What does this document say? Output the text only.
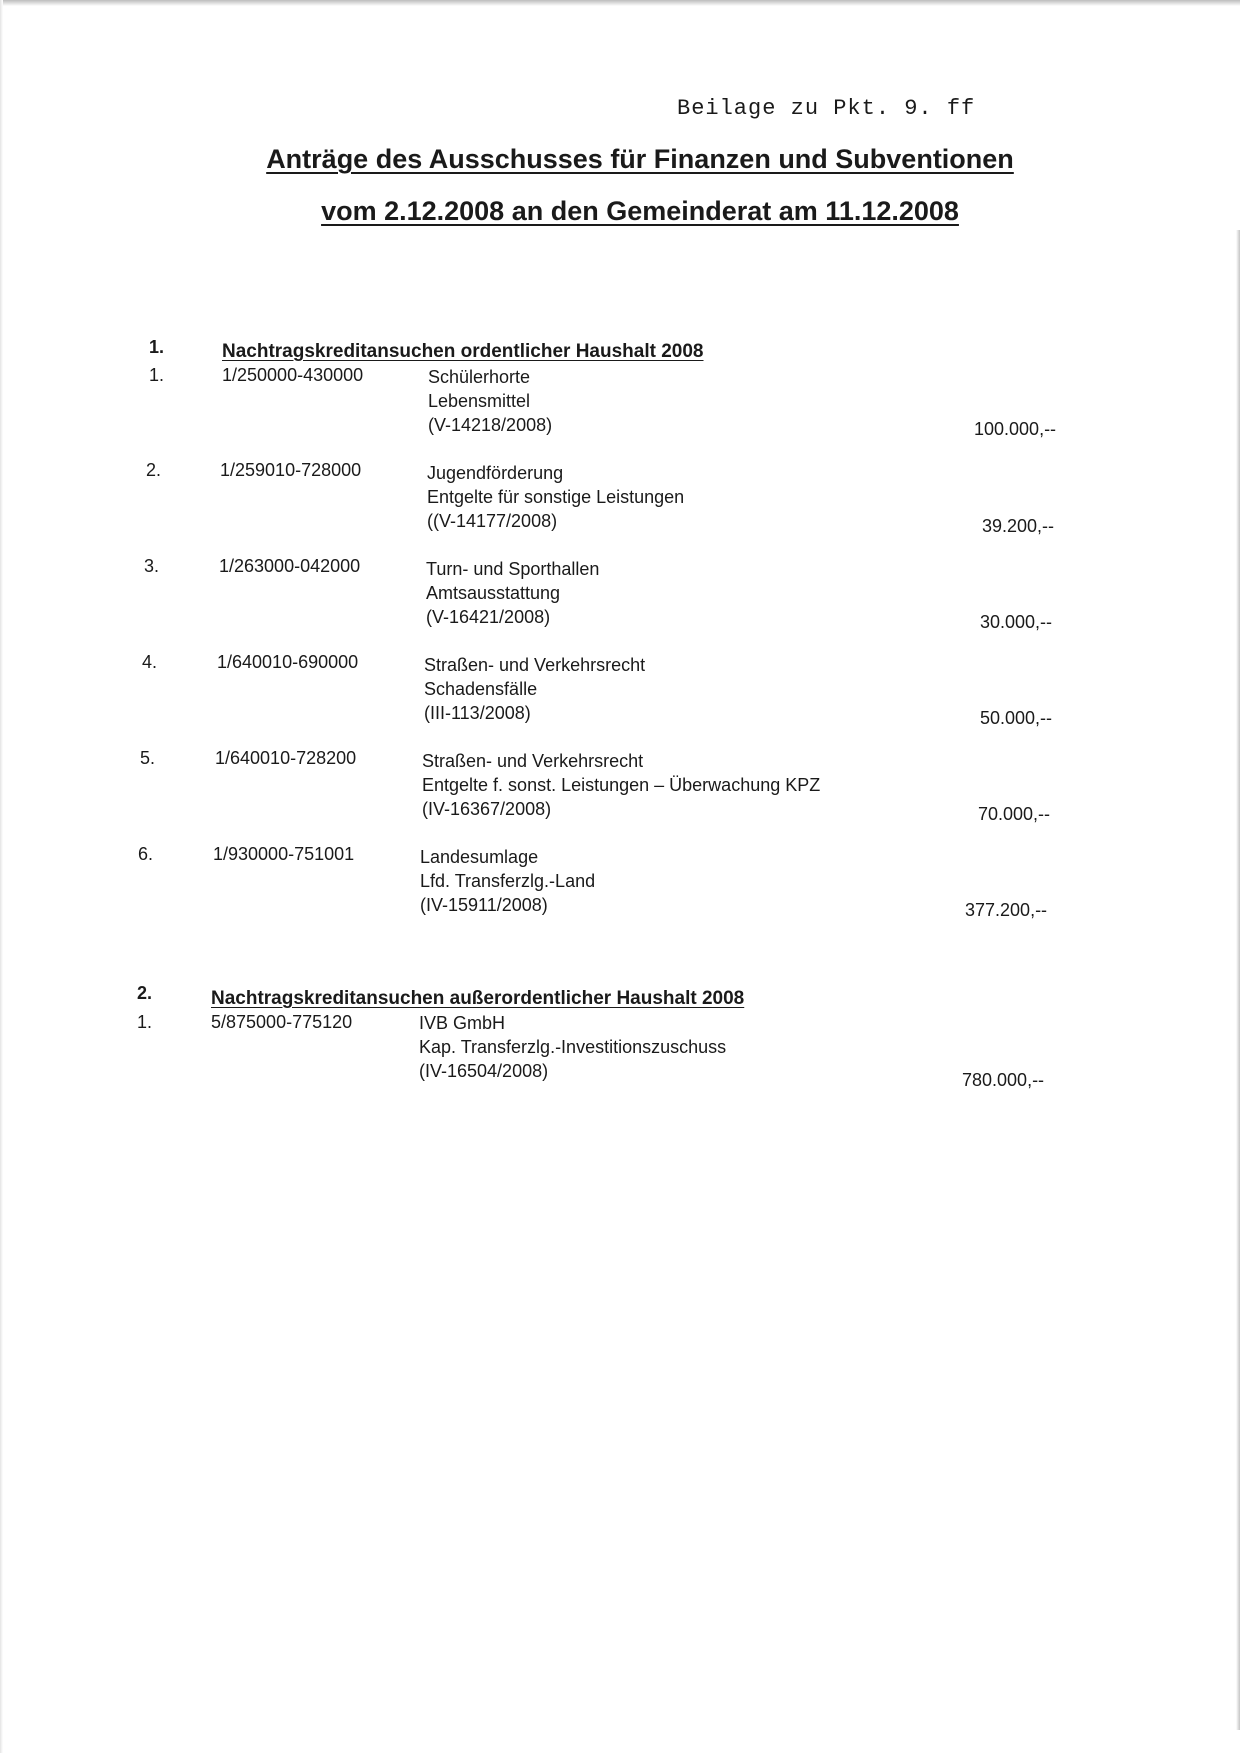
Beilage zu Pkt. 9. ff
Anträge des Ausschusses für Finanzen und Subventionen
vom 2.12.2008 an den Gemeinderat am 11.12.2008
1.	Nachtragskreditansuchen ordentlicher Haushalt 2008
1.	1/250000-430000	Schülerhorte
Lebensmittel
(V-14218/2008)	100.000,--
2.	1/259010-728000	Jugendförderung
Entgelte für sonstige Leistungen
((V-14177/2008)	39.200,--
3.	1/263000-042000	Turn- und Sporthallen
Amtsausstattung
(V-16421/2008)	30.000,--
4.	1/640010-690000	Straßen- und Verkehrsrecht
Schadensfälle
(III-113/2008)	50.000,--
5.	1/640010-728200	Straßen- und Verkehrsrecht
Entgelte f. sonst. Leistungen – Überwachung KPZ
(IV-16367/2008)	70.000,--
6.	1/930000-751001	Landesumlage
Lfd. Transferzlg.-Land
(IV-15911/2008)	377.200,--
2.	Nachtragskreditansuchen außerordentlicher Haushalt 2008
1.	5/875000-775120	IVB GmbH
Kap. Transferzlg.-Investitionszuschuss
(IV-16504/2008)	780.000,--
